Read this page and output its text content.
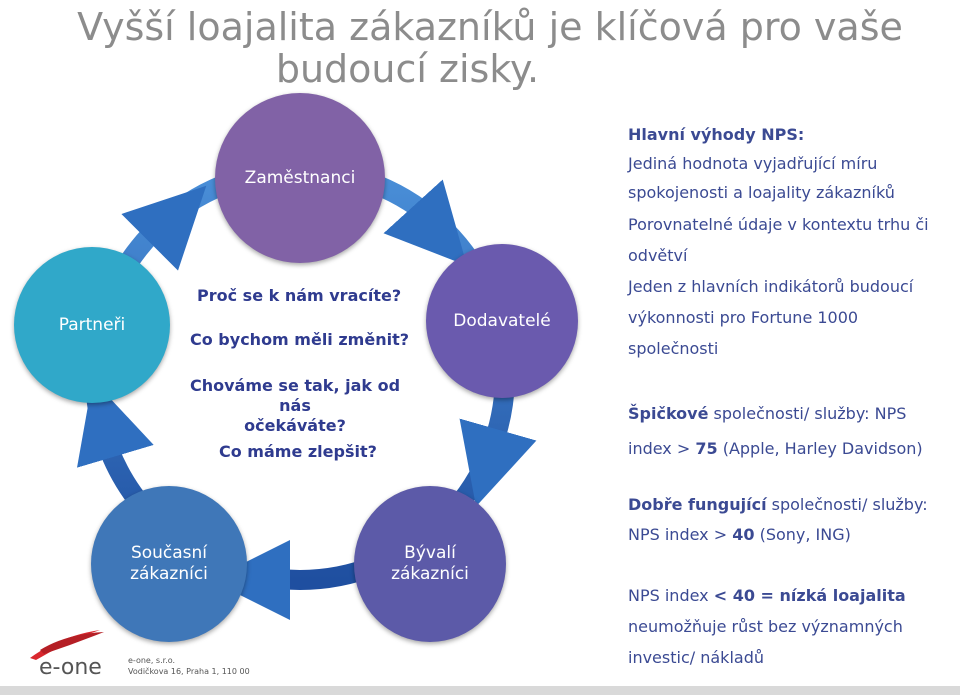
Vyšší loajalita zákazníků je klíčová pro vaše
budoucí zisky.
Zaměstnanci
Partneři	Dodavatelé
Současní
zákazníci
Bývalí
zákazníci
Proč se k nám vracíte?
Co bychom měli změnit?
Chováme se tak, jak od nás
očekáváte?
Co máme zlepšit?
Hlavní výhody NPS:
Jediná hodnota vyjadřující míru
spokojenosti a loajality zákazníků
Porovnatelné údaje v kontextu trhu či
odvětví
Jeden z hlavních indikátorů budoucí
výkonnosti pro Fortune 1000
společnosti
Špičkové společnosti/ služby: NPS
index > 75 (Apple, Harley Davidson)
Dobře fungující společnosti/ služby:
NPS index > 40 (Sony, ING)
NPS index < 40 = nízká loajalita
neumožňuje růst bez významných
investic/ nákladů
e-one	e-one, s.r.o.
Vodičkova 16, Praha 1, 110 00
